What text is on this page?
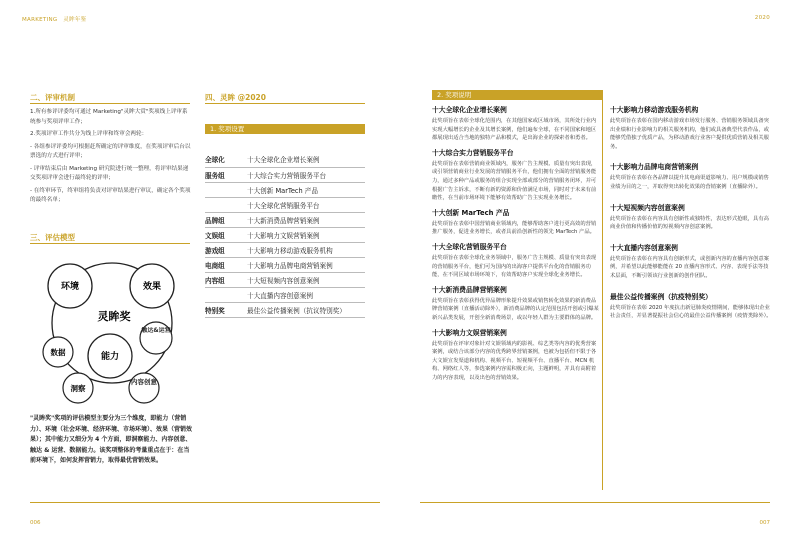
MARKETING　灵眸年鉴	2020
二、评审机制

1.所有参评评委均可通过 Marketing"灵眸大赏"奖项线上评审系统参与奖项评审工作；

2.奖项评审工作共分为线上评审和终审会两轮：

- 各组参评评委均可根据赶所确定的评审维度，在奖项评审后台以票选的方式进行评审；

- 评审结束后由 Marketing 研究院进行统一整理，将评审结果递交奖项评审会进行最终轮的评审；

- 在终审环节，终审组将负责对评审结果进行审议，确定各个奖项的最终名单；

三、评估模型
环境	效果
灵眸奖
能力
数据
触达&运营
洞察
内容创意

"灵眸奖"奖项的评估模型主要分为三个维度，即能力（营销力）、环境（社会环境、经济环境、市场环境）、效果（营销效果）；其中能力又细分为 4 个方面，即洞察能力、内容创意、触达 & 运营、数据能力。该奖项整体的考量重点在于：在当前环境下，如何发挥营销力，取得最优营销效果。

四、灵眸 @2020
1. 奖项设置
全球化	十大全球化企业增长案例
服务组	十大综合实力营销服务平台
	十大创新 MarTech 产品
	十大全球化营销服务平台
品牌组	十大新消费品牌营销案例
文娱组	十大影响力文娱营销案例
游戏组	十大影响力移动游戏服务机构
电商组	十大影响力品牌电商营销案例
内容组	十大短视频内容创意案例
	十大直播内容创意案例
特别奖	最佳公益传播案例（抗议特别奖）
2. 奖项说明
十大全球化企业增长案例
此奖项旨在表彰全球化范围内，在其他国家或区域市场，其所处行业内实现大幅增长的企业及其增长案例，他们遍布全球，在不同国家和地区都展现出适合当地的独特产品和模式，是出海企业的探索者和勇者。
十大综合实力营销服务平台
此奖项旨在表彰营销商业领域内，服务广告主规模、质量有突出表现，或引领营销商业行业发展的营销服务平台，他们拥有全面的营销服务能力，通过多种产品或服务的组合实现全部或部分的营销服务闭环，并可根据广告主诉求，不断有新的资源和价值满足市场，同时对于未来有前瞻性，在当前市场环境下能够有效帮助广告主实现业务增长。
十大创新 MarTech 产品
此奖项旨在表彰中国营销商业领域内，能够帮助客户进行更高效的营销推广服务，促进业务增长，或者具前沿创新性的领先 MarTech 产品。
十大全球化营销服务平台
此奖项旨在表彰全球化业务领域中，服务广告主规模、质量有突出表现的营销服务平台，他们可为国内的出海客户提供平台化的营销服务功能，在不同区域市场环境下，有效帮助客户实现全球化业务增长。
十大新消费品牌营销案例
此奖项旨在表彰获得优异品牌形象提升效果或销售转化效果的新消费品牌营销案例（直播活动除外），新消费品牌的认定范围包括开创或引爆某新兴品类发展，开创全新消费场景，或以年轻人群为主要群体的品牌。
十大影响力文娱营销案例
此奖项旨在评审对象针对文娱领域内的影视、综艺类等内容的优秀营案案例，或结合该部分内容的优秀跨界营销案例，也被为包括但不限于各大文娱宣发渠道和机构、视频平台、短视频平台、直播平台、MCN 机构、网络红人等，参选案例内容需积极正向，主题鲜明，并具有高附着力的内容表现，以及出色的营销效果。
十大影响力移动游戏服务机构
此奖项旨在表彰在国内移动游戏市场发行服务、营销服务领域具备突出业绩和行业影响力的相关服务机构，他们或具备典型代表作品，或能够凭借独子优质产品，为移动游戏行业客户提供优质营销及相关服务。
十大影响力品牌电商营销案例
此奖项旨在表彰在各品牌以提升其电商渠道影响力、用户规模或销售业绩为目的之一，并取得突出转化效果的营销案例（直播除外）。
十大短视频内容创意案例
此奖项旨在表彰在内容具有创新性或独特性，表达形式抢眼，具有高商业价值和传播价值的短视频内容创意案例。
十大直播内容创意案例
此奖项旨在表彰在内容具有创新形式，或创新内容的直播内容创意案例，并希望以此能够能能在 20 直播内容形式、内容、表现手法等技术层面，不断引领该行业创新的创作团队。
最佳公益传播案例（抗疫特别奖）
此奖项旨在表彰 2020 年度抗击新冠肺炎疫情期间，能够体现出企业社会责任，并显著提振社会信心的最佳公益传播案例（疫情类除外）。
006	007
